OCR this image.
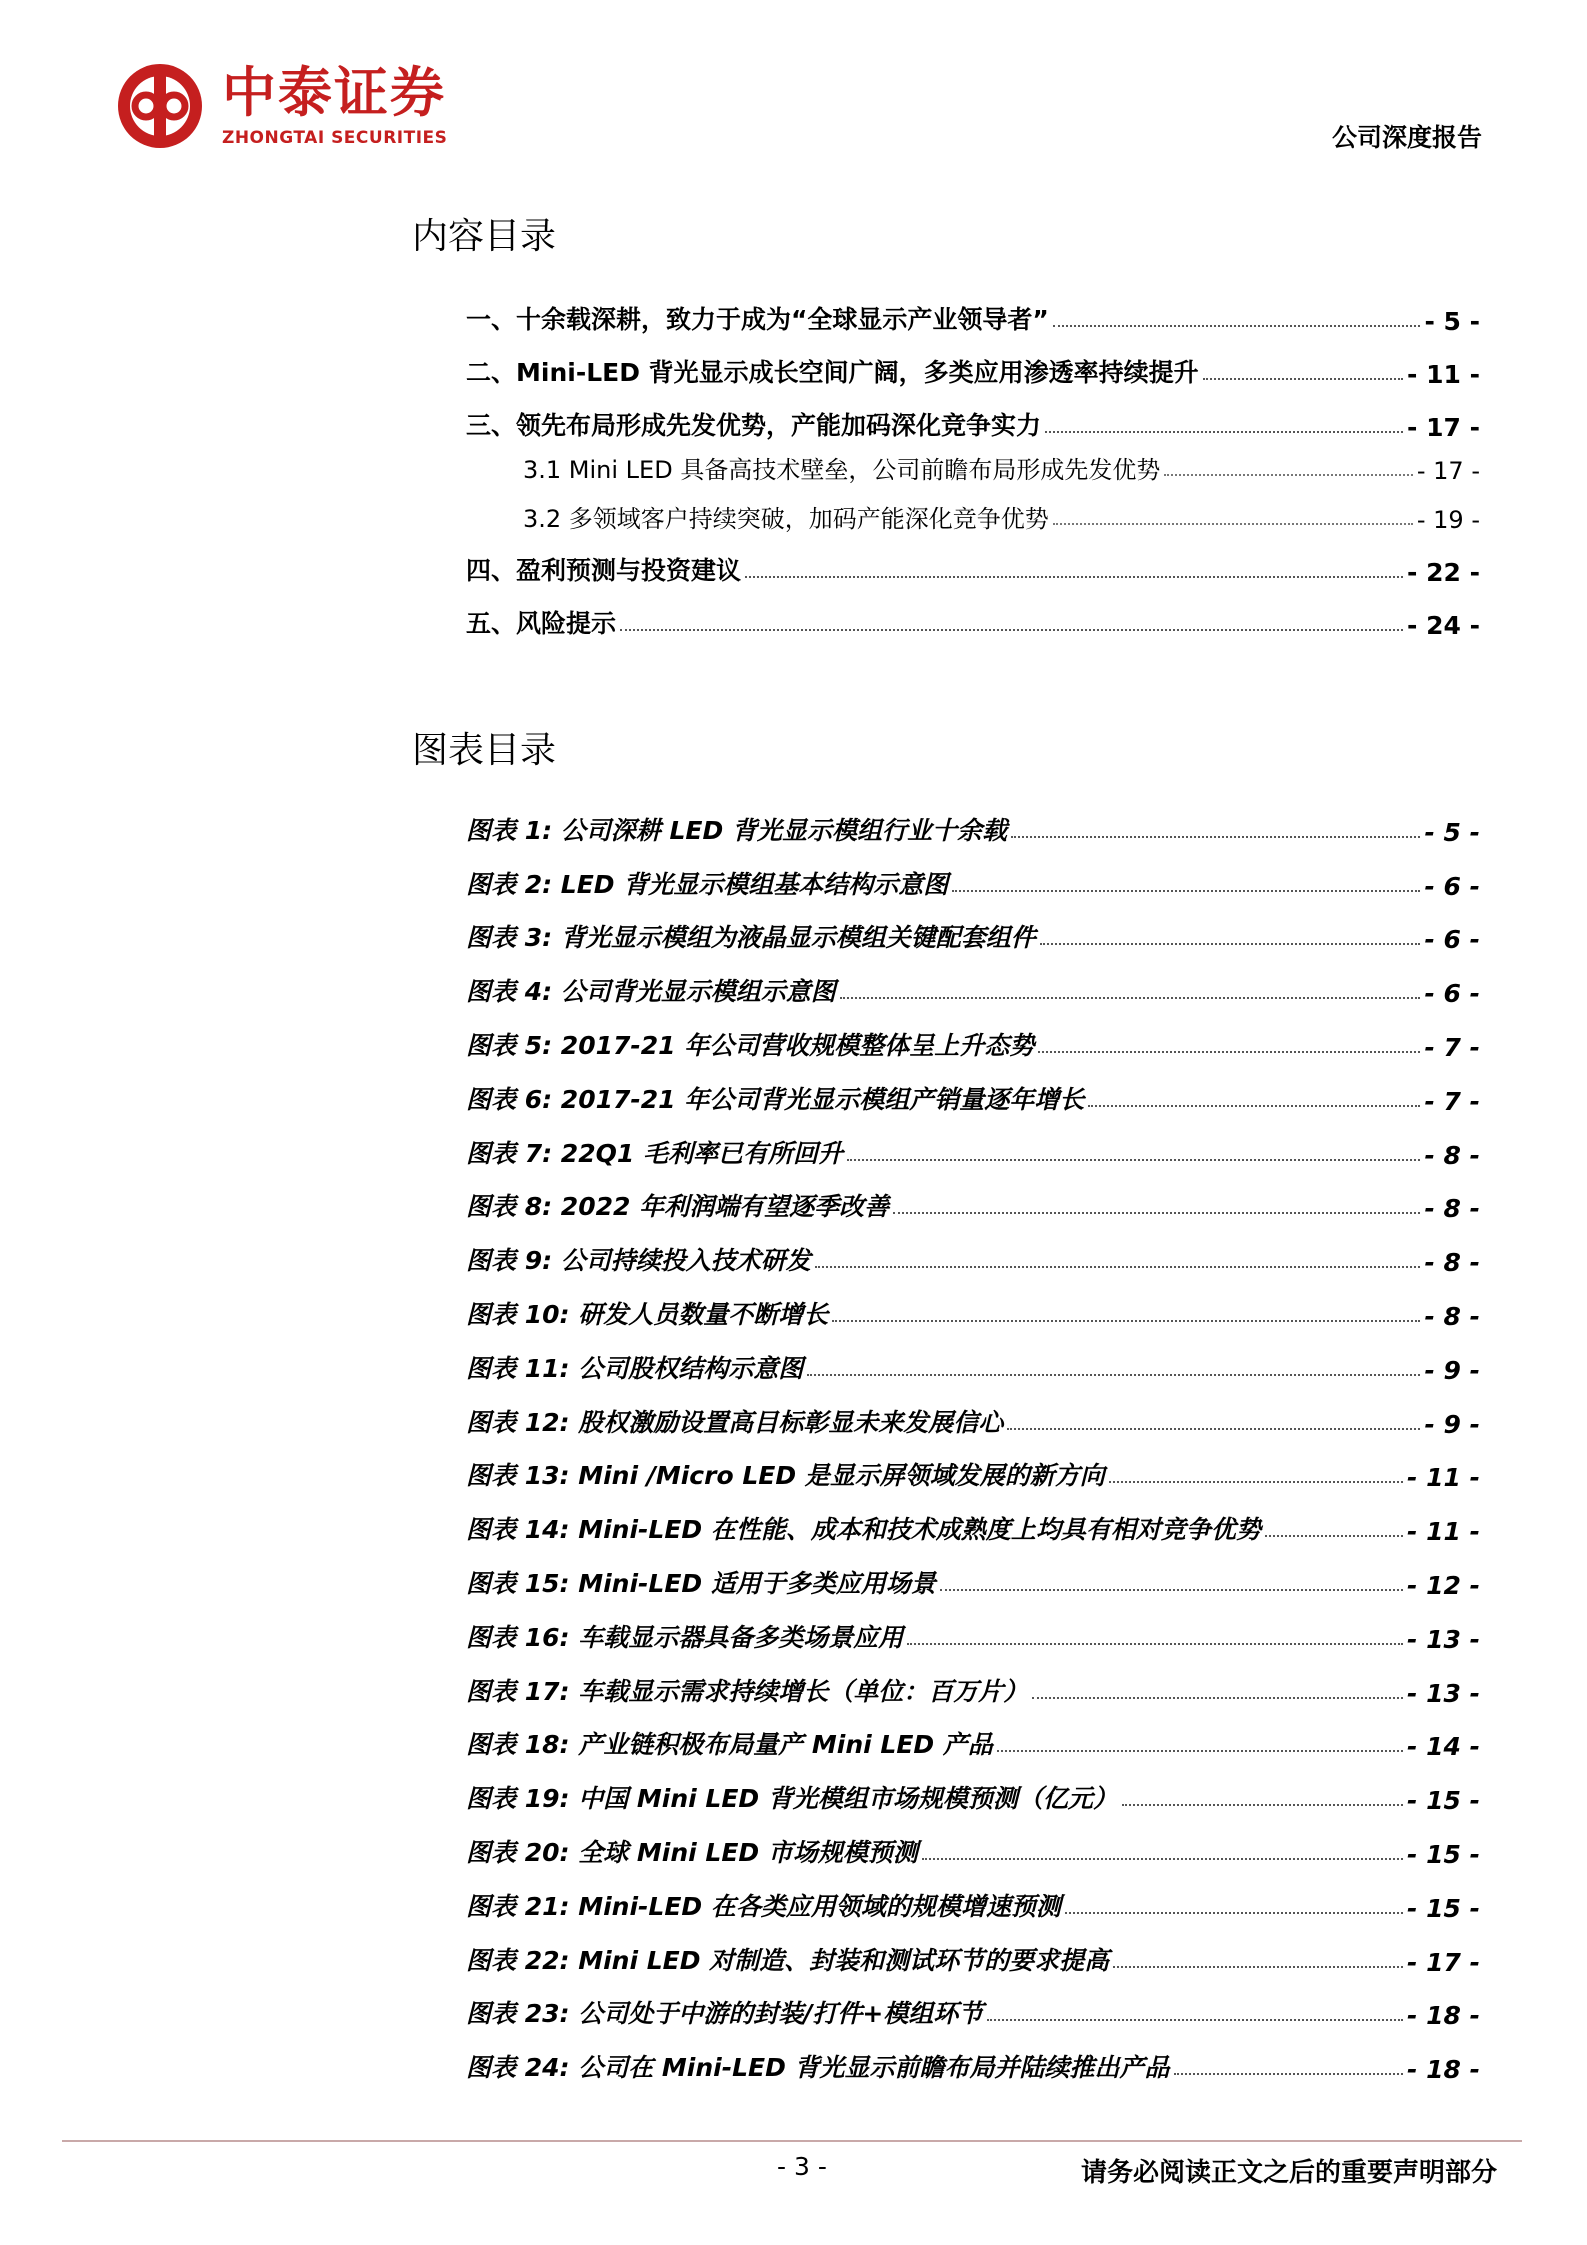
中泰证券
ZHONGTAI SECURITIES	公司深度报告
内容目录
一、十余载深耕，致力于成为“全球显示产业领导者”	- 5 -
二、Mini-LED 背光显示成长空间广阔，多类应用渗透率持续提升	- 11 -
三、领先布局形成先发优势，产能加码深化竞争实力	- 17 -
3.1 Mini LED 具备高技术壁垒，公司前瞻布局形成先发优势	- 17 -
3.2 多领域客户持续突破，加码产能深化竞争优势	- 19 -
四、盈利预测与投资建议	- 22 -
五、风险提示	- 24 -
图表目录
图表 1: 公司深耕 LED 背光显示模组行业十余载	- 5 -
图表 2: LED 背光显示模组基本结构示意图	- 6 -
图表 3: 背光显示模组为液晶显示模组关键配套组件	- 6 -
图表 4: 公司背光显示模组示意图	- 6 -
图表 5: 2017-21 年公司营收规模整体呈上升态势	- 7 -
图表 6: 2017-21 年公司背光显示模组产销量逐年增长	- 7 -
图表 7: 22Q1 毛利率已有所回升	- 8 -
图表 8: 2022 年利润端有望逐季改善	- 8 -
图表 9: 公司持续投入技术研发	- 8 -
图表 10: 研发人员数量不断增长	- 8 -
图表 11: 公司股权结构示意图	- 9 -
图表 12: 股权激励设置高目标彰显未来发展信心	- 9 -
图表 13: Mini /Micro LED 是显示屏领域发展的新方向	- 11 -
图表 14: Mini-LED 在性能、成本和技术成熟度上均具有相对竞争优势	- 11 -
图表 15: Mini-LED 适用于多类应用场景	- 12 -
图表 16: 车载显示器具备多类场景应用	- 13 -
图表 17: 车载显示需求持续增长（单位：百万片）	- 13 -
图表 18: 产业链积极布局量产 Mini LED 产品	- 14 -
图表 19: 中国 Mini LED 背光模组市场规模预测（亿元）	- 15 -
图表 20: 全球 Mini LED 市场规模预测	- 15 -
图表 21: Mini-LED 在各类应用领域的规模增速预测	- 15 -
图表 22: Mini LED 对制造、封装和测试环节的要求提高	- 17 -
图表 23: 公司处于中游的封装/打件+模组环节	- 18 -
图表 24: 公司在 Mini-LED 背光显示前瞻布局并陆续推出产品	- 18 -
- 3 -	请务必阅读正文之后的重要声明部分
